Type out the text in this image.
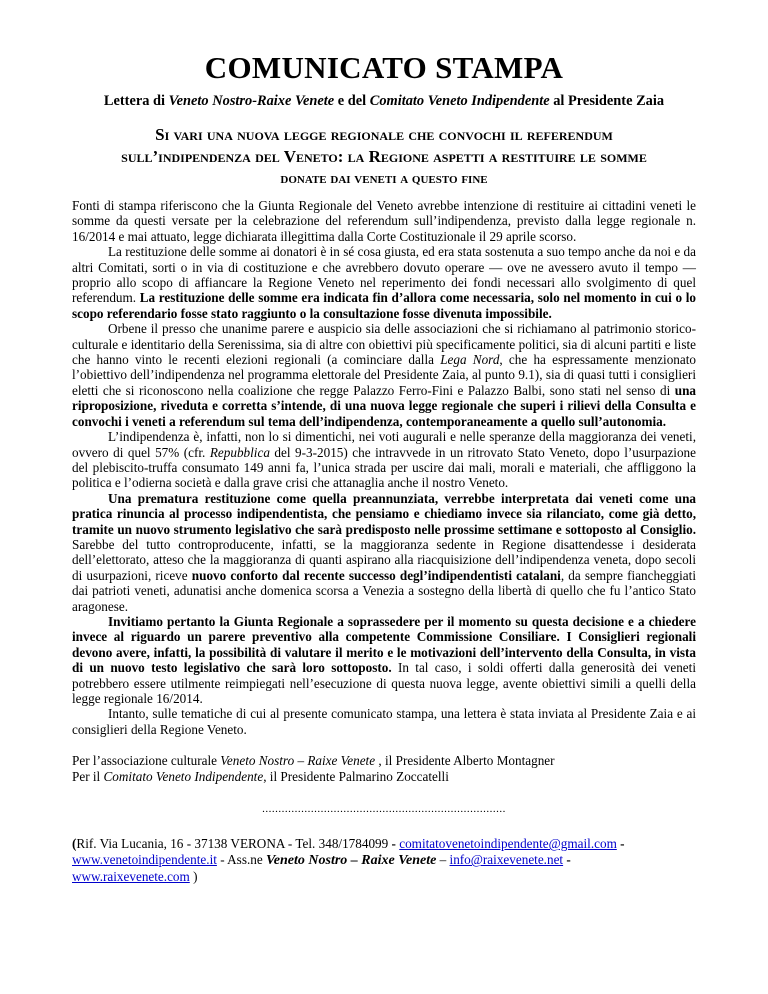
COMUNICATO STAMPA
Lettera di Veneto Nostro-Raixe Venete e del Comitato Veneto Indipendente al Presidente Zaia
Si vari una nuova legge regionale che convochi il referendum
sull’indipendenza del Veneto: la Regione aspetti a restituire le somme
donate dai veneti a questo fine

Fonti di stampa riferiscono che la Giunta Regionale del Veneto avrebbe intenzione di restituire ai cittadini veneti le somme da questi versate per la celebrazione del referendum sull’indipendenza, previsto dalla legge regionale n. 16/2014 e mai attuato, legge dichiarata illegittima dalla Corte Costituzionale il 29 aprile scorso.

La restituzione delle somme ai donatori è in sé cosa giusta, ed era stata sostenuta a suo tempo anche da noi e da altri Comitati, sorti o in via di costituzione e che avrebbero dovuto operare — ove ne avessero avuto il tempo — proprio allo scopo di affiancare la Regione Veneto nel reperimento dei fondi necessari allo svolgimento di quel referendum. La restituzione delle somme era indicata fin d’allora come necessaria, solo nel momento in cui o lo scopo referendario fosse stato raggiunto o la consultazione fosse divenuta impossibile.

Orbene il presso che unanime parere e auspicio sia delle associazioni che si richiamano al patrimonio storico-culturale e identitario della Serenissima, sia di altre con obiettivi più specificamente politici, sia di alcuni partiti e liste che hanno vinto le recenti elezioni regionali (a cominciare dalla Lega Nord, che ha espressamente menzionato l’obiettivo dell’indipendenza nel programma elettorale del Presidente Zaia, al punto 9.1), sia di quasi tutti i consiglieri eletti che si riconoscono nella coalizione che regge Palazzo Ferro-Fini e Palazzo Balbi, sono stati nel senso di una riproposizione, riveduta e corretta s’intende, di una nuova legge regionale che superi i rilievi della Consulta e convochi i veneti a referendum sul tema dell’indipendenza, contemporaneamente a quello sull’autonomia.

L’indipendenza è, infatti, non lo si dimentichi, nei voti augurali e nelle speranze della maggioranza dei veneti, ovvero di quel 57% (cfr. Repubblica del 9-3-2015) che intravvede in un ritrovato Stato Veneto, dopo l’usurpazione del plebiscito-truffa consumato 149 anni fa, l’unica strada per uscire dai mali, morali e materiali, che affliggono la politica e l’odierna società e dalla grave crisi che attanaglia anche il nostro Veneto.

Una prematura restituzione come quella preannunziata, verrebbe interpretata dai veneti come una pratica rinuncia al processo indipendentista, che pensiamo e chiediamo invece sia rilanciato, come già detto, tramite un nuovo strumento legislativo che sarà predisposto nelle prossime settimane e sottoposto al Consiglio. Sarebbe del tutto controproducente, infatti, se la maggioranza sedente in Regione disattendesse i desiderata dell’elettorato, atteso che la maggioranza di quanti aspirano alla riacquisizione dell’indipendenza veneta, dopo secoli di usurpazioni, riceve nuovo conforto dal recente successo degl’indipendentisti catalani, da sempre fiancheggiati dai patrioti veneti, adunatisi anche domenica scorsa a Venezia a sostegno della libertà di quello che fu l’antico Stato aragonese.

Invitiamo pertanto la Giunta Regionale a soprassedere per il momento su questa decisione e a chiedere invece al riguardo un parere preventivo alla competente Commissione Consiliare. I Consiglieri regionali devono avere, infatti, la possibilità di valutare il merito e le motivazioni dell’intervento della Consulta, in vista di un nuovo testo legislativo che sarà loro sottoposto. In tal caso, i soldi offerti dalla generosità dei veneti potrebbero essere utilmente reimpiegati nell’esecuzione di questa nuova legge, avente obiettivi simili a quelli della legge regionale 16/2014.

Intanto, sulle tematiche di cui al presente comunicato stampa, una lettera è stata inviata al Presidente Zaia e ai consiglieri della Regione Veneto.

Per l’associazione culturale Veneto Nostro – Raixe Venete , il Presidente Alberto Montagner

Per il Comitato Veneto Indipendente, il Presidente Palmarino Zoccatelli

...........................................................................
(Rif. Via Lucania, 16 - 37138 VERONA - Tel. 348/1784099 - comitatovenetoindipendente@gmail.com -
www.venetoindipendente.it - Ass.ne Veneto Nostro – Raixe Venete – info@raixevenete.net -
www.raixevenete.com )
